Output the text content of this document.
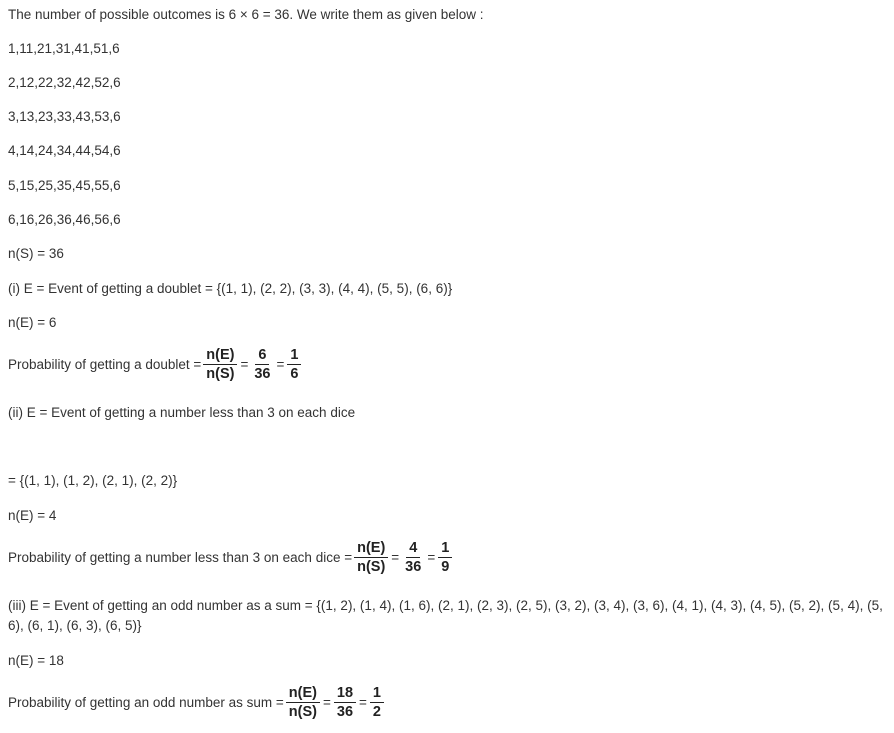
The number of possible outcomes is 6 × 6 = 36. We write them as given below :
1,11,21,31,41,51,6
2,12,22,32,42,52,6
3,13,23,33,43,53,6
4,14,24,34,44,54,6
5,15,25,35,45,55,6
6,16,26,36,46,56,6
n(S) = 36
(i) E = Event of getting a doublet = {(1, 1), (2, 2), (3, 3), (4, 4), (5, 5), (6, 6)}
n(E) = 6
Probability of getting a doublet = $\frac{n(E)}{n(S)} = \frac{6}{36} = \frac{1}{6}$
(ii) E = Event of getting a number less than 3 on each dice
= {(1, 1), (1, 2), (2, 1), (2, 2)}
n(E) = 4
Probability of getting a number less than 3 on each dice = $\frac{n(E)}{n(S)} = \frac{4}{36} = \frac{1}{9}$
(iii) E = Event of getting an odd number as a sum = {(1, 2), (1, 4), (1, 6), (2, 1), (2, 3), (2, 5), (3, 2), (3, 4), (3, 6), (4, 1), (4, 3), (4, 5), (5, 2), (5, 4), (5, 6), (6, 1), (6, 3), (6, 5)}
n(E) = 18
Probability of getting an odd number as sum = $\frac{n(E)}{n(S)} = \frac{18}{36} = \frac{1}{2}$
